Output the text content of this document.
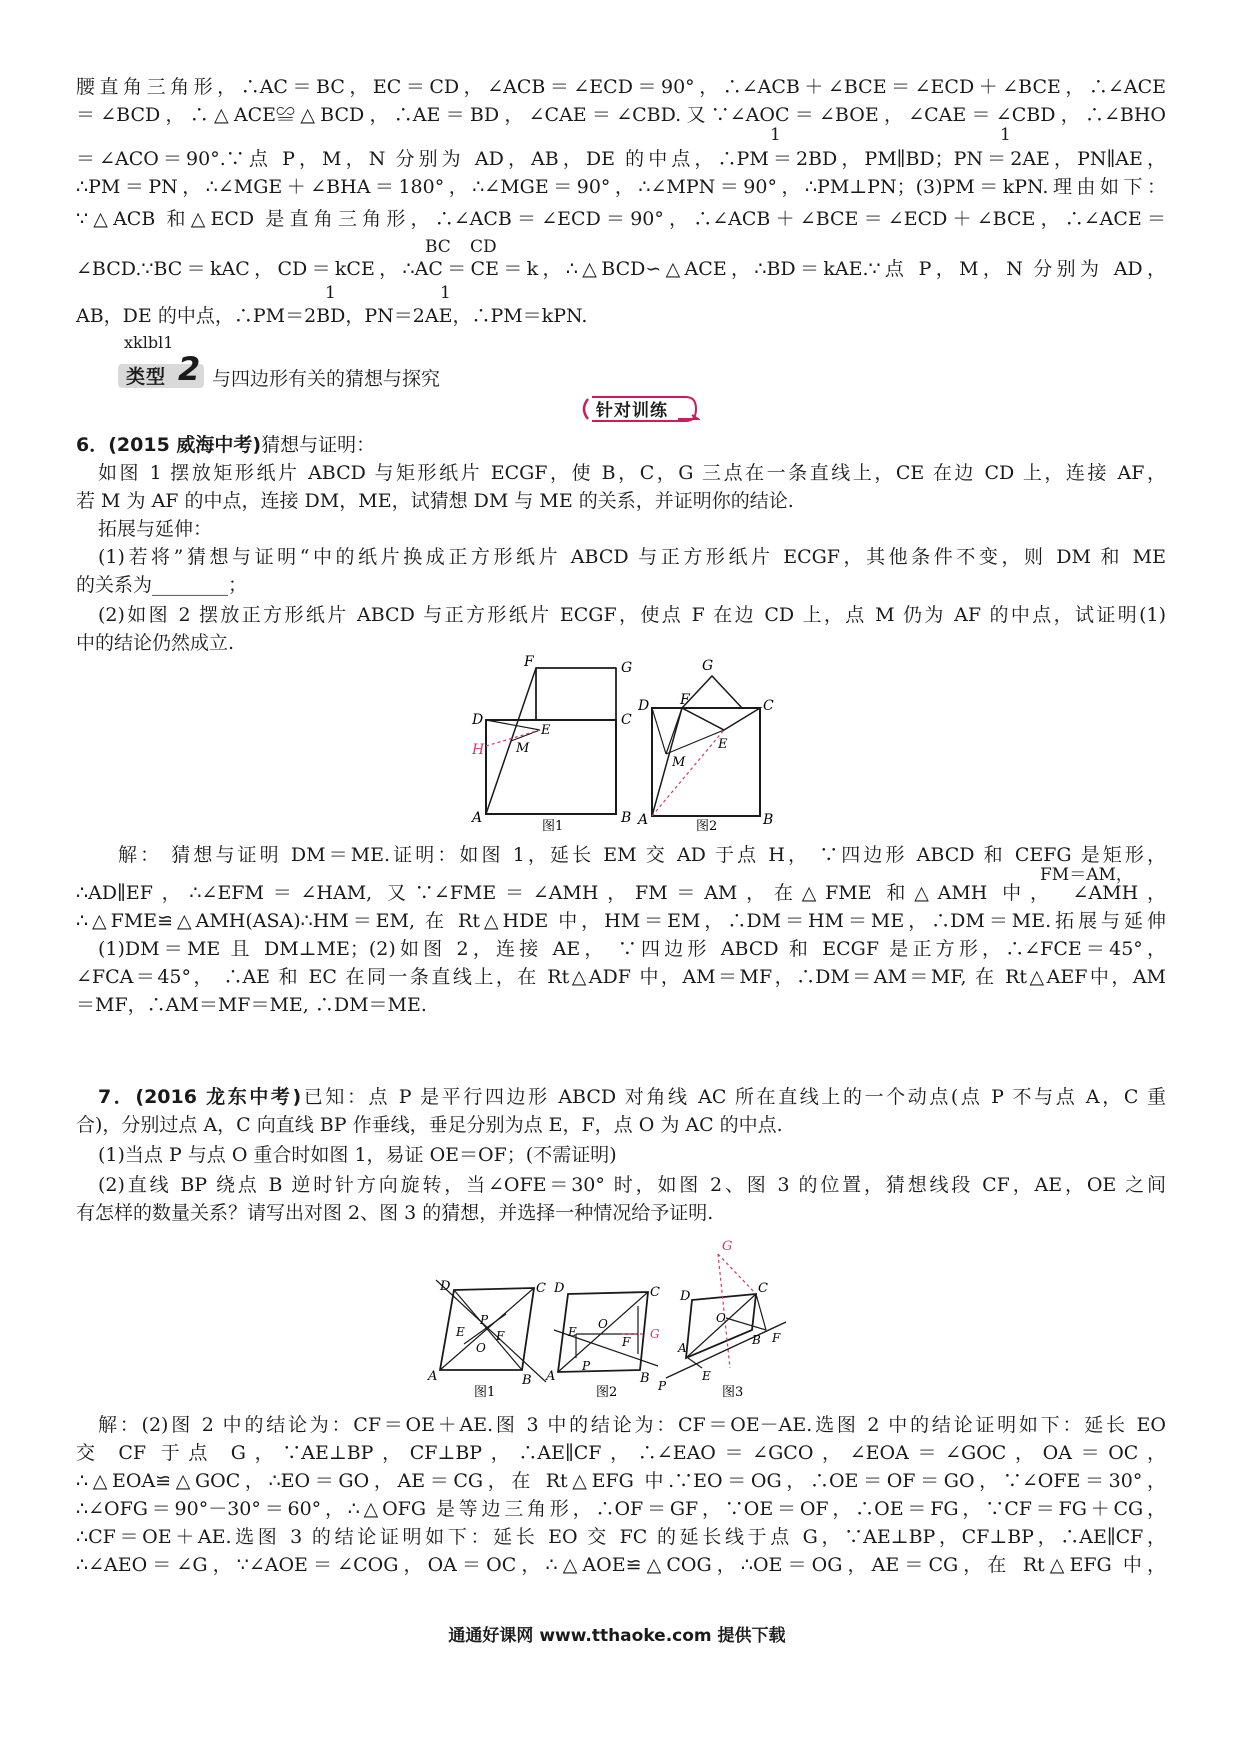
腰直角三角形，∴AC＝BC，EC＝CD，∠ACB＝∠ECD＝90°，∴∠ACB＋∠BCE＝∠ECD＋∠BCE，∴∠ACE
＝∠BCD，∴△ACE≌△BCD，∴AE＝BD，∠CAE＝∠CBD.又∵∠AOC＝∠BOE，∠CAE＝∠CBD，∴∠BHO
1	1
＝∠ACO＝90°.∵点 P，M，N 分别为 AD，AB，DE 的中点，∴PM＝2BD，PM∥BD；PN＝2AE，PN∥AE，
∴PM＝PN，∴∠MGE＋∠BHA＝180°，∴∠MGE＝90°，∴∠MPN＝90°，∴PM⊥PN；(3)PM＝kPN.理由如下：
∵△ACB 和△ECD 是直角三角形，∴∠ACB＝∠ECD＝90°，∴∠ACB＋∠BCE＝∠ECD＋∠BCE，∴∠ACE＝
BC CD
∠BCD.∵BC＝kAC，CD＝kCE，∴AC＝CE＝k，∴△BCD∽△ACE，∴BD＝kAE.∵点 P，M，N 分别为 AD，
1	1
AB，DE 的中点，∴PM＝2BD，PN＝2AE，∴PM＝kPN.
xklbl1
类型 2 与四边形有关的猜想与探究
针对训练
6．(2015 威海中考)猜想与证明：
如图 1 摆放矩形纸片 ABCD 与矩形纸片 ECGF，使 B，C，G 三点在一条直线上，CE 在边 CD 上，连接 AF，
若 M 为 AF 的中点，连接 DM，ME，试猜想 DM 与 ME 的关系，并证明你的结论.
拓展与延伸：
(1)若将”猜想与证明“中的纸片换成正方形纸片 ABCD 与正方形纸片 ECGF，其他条件不变，则 DM 和 ME
的关系为________；
(2)如图 2 摆放正方形纸片 ABCD 与正方形纸片 ECGF，使点 F 在边 CD 上，点 M 仍为 AF 的中点，试证明(1)
中的结论仍然成立.
D
H
A	B
C
G
F
E
M
图1
G
D F	C
E
M
A	B
图2
解： 猜想与证明 DM＝ME.证明：如图 1，延长 EM 交 AD 于点 H， ∵四边形 ABCD 和 CEFG 是矩形，
FM＝AM，
∴AD∥EF，∴∠EFM＝∠HAM, 又∵∠FME＝∠AMH，FM＝AM，在△FME 和△AMH 中， ∠AMH，
∴△FME≌△AMH(ASA)∴HM＝EM, 在 Rt△HDE 中，HM＝EM，∴DM＝HM＝ME，∴DM＝ME.拓展与延伸
(1)DM＝ME 且 DM⊥ME；(2)如图 2，连接 AE， ∵四边形 ABCD 和 ECGF 是正方形，∴∠FCE＝45°，
∠FCA＝45°， ∴AE 和 EC 在同一条直线上，在 Rt△ADF 中，AM＝MF，∴DM＝AM＝MF, 在 Rt△AEF中，AM
＝MF，∴AM＝MF＝ME, ∴DM＝ME.
7．(2016 龙东中考)已知：点 P 是平行四边形 ABCD 对角线 AC 所在直线上的一个动点(点 P 不与点 A，C 重
合)，分别过点 A，C 向直线 BP 作垂线，垂足分别为点 E，F，点 O 为 AC 的中点.
(1)当点 P 与点 O 重合时如图 1，易证 OE＝OF；(不需证明)
(2)直线 BP 绕点 B 逆时针方向旋转，当∠OFE＝30° 时，如图 2、图 3 的位置，猜想线段 CF，AE，OE 之间
有怎样的数量关系？请写出对图 2、图 3 的猜想，并选择一种情况给予证明.
D	C
A	B
E
P
O
F
图1
D	C
A	B
E
O
F
G
P
图2
G
D
C
O
A
B F
E
P	图3
解：(2)图 2 中的结论为：CF＝OE＋AE.图 3 中的结论为：CF＝OE－AE.选图 2 中的结论证明如下：延长 EO
交 CF 于点 G，∵AE⊥BP，CF⊥BP，∴AE∥CF，∴∠EAO＝∠GCO，∠EOA＝∠GOC，OA＝OC，
∴△EOA≌△GOC，∴EO＝GO，AE＝CG，在 Rt△EFG 中.∵EO＝OG，∴OE＝OF＝GO，∵∠OFE＝30°，
∴∠OFG＝90°－30°＝60°，∴△OFG 是等边三角形，∴OF＝GF，∵OE＝OF，∴OE＝FG，∵CF＝FG＋CG，
∴CF＝OE＋AE.选图 3 的结论证明如下：延长 EO 交 FC 的延长线于点 G，∵AE⊥BP，CF⊥BP，∴AE∥CF，
∴∠AEO＝∠G，∵∠AOE＝∠COG，OA＝OC，∴△AOE≌△COG，∴OE＝OG，AE＝CG，在 Rt△EFG 中，
通通好课网 www.tthaoke.com 提供下载
